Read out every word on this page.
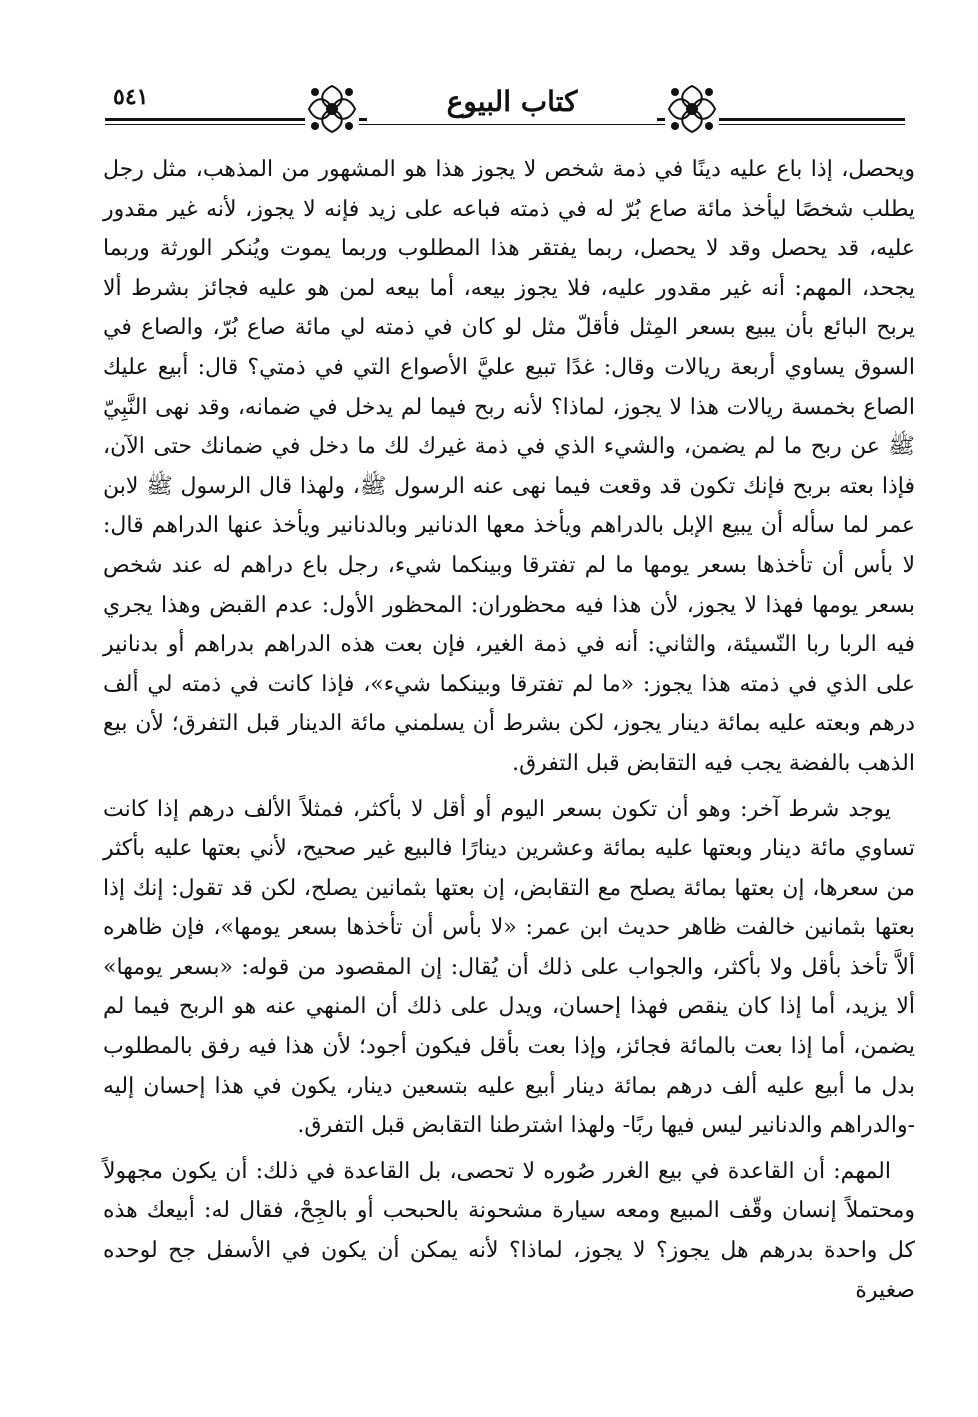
٥٤١	كتاب البيوع

ويحصل، إذا باع عليه دينًا في ذمة شخص لا يجوز هذا هو المشهور من المذهب، مثل رجل يطلب شخصًا ليأخذ مائة صاع بُرّ له في ذمته فباعه على زيد فإنه لا يجوز، لأنه غير مقدور عليه، قد يحصل وقد لا يحصل، ربما يفتقر هذا المطلوب وربما يموت ويُنكر الورثة وربما يجحد، المهم: أنه غير مقدور عليه، فلا يجوز بيعه، أما بيعه لمن هو عليه فجائز بشرط ألا يربح البائع بأن يبيع بسعر المِثل فأقلّ مثل لو كان في ذمته لي مائة صاع بُرّ، والصاع في السوق يساوي أربعة ريالات وقال: غدًا تبيع عليَّ الأصواع التي في ذمتي؟ قال: أبيع عليك الصاع بخمسة ريالات هذا لا يجوز، لماذا؟ لأنه ربح فيما لم يدخل في ضمانه، وقد نهى النَّبِيّ ﷺ عن ربح ما لم يضمن، والشيء الذي في ذمة غيرك لك ما دخل في ضمانك حتى الآن، فإذا بعته بربح فإنك تكون قد وقعت فيما نهى عنه الرسول ﷺ، ولهذا قال الرسول ﷺ لابن عمر لما سأله أن يبيع الإبل بالدراهم ويأخذ معها الدنانير وبالدنانير ويأخذ عنها الدراهم قال: لا بأس أن تأخذها بسعر يومها ما لم تفترقا وبينكما شيء، رجل باع دراهم له عند شخص بسعر يومها فهذا لا يجوز، لأن هذا فيه محظوران: المحظور الأول: عدم القبض وهذا يجري فيه الربا ربا النّسيئة، والثاني: أنه في ذمة الغير، فإن بعت هذه الدراهم بدراهم أو بدنانير على الذي في ذمته هذا يجوز: «ما لم تفترقا وبينكما شيء»، فإذا كانت في ذمته لي ألف درهم وبعته عليه بمائة دينار يجوز، لكن بشرط أن يسلمني مائة الدينار قبل التفرق؛ لأن بيع الذهب بالفضة يجب فيه التقابض قبل التفرق.

يوجد شرط آخر: وهو أن تكون بسعر اليوم أو أقل لا بأكثر، فمثلاً الألف درهم إذا كانت تساوي مائة دينار وبعتها عليه بمائة وعشرين دينارًا فالبيع غير صحيح، لأني بعتها عليه بأكثر من سعرها، إن بعتها بمائة يصلح مع التقابض، إن بعتها بثمانين يصلح، لكن قد تقول: إنك إذا بعتها بثمانين خالفت ظاهر حديث ابن عمر: «لا بأس أن تأخذها بسعر يومها»، فإن ظاهره ألاَّ تأخذ بأقل ولا بأكثر، والجواب على ذلك أن يُقال: إن المقصود من قوله: «بسعر يومها» ألا يزيد، أما إذا كان ينقص فهذا إحسان، ويدل على ذلك أن المنهي عنه هو الربح فيما لم يضمن، أما إذا بعت بالمائة فجائز، وإذا بعت بأقل فيكون أجود؛ لأن هذا فيه رفق بالمطلوب بدل ما أبيع عليه ألف درهم بمائة دينار أبيع عليه بتسعين دينار، يكون في هذا إحسان إليه -والدراهم والدنانير ليس فيها ربًا- ولهذا اشترطنا التقابض قبل التفرق.

المهم: أن القاعدة في بيع الغرر صُوره لا تحصى، بل القاعدة في ذلك: أن يكون مجهولاً ومحتملاً إنسان وقّف المبيع ومعه سيارة مشحونة بالحبحب أو بالجِحْ، فقال له: أبيعك هذه كل واحدة بدرهم هل يجوز؟ لا يجوز، لماذا؟ لأنه يمكن أن يكون في الأسفل جح لوحده صغيرة
